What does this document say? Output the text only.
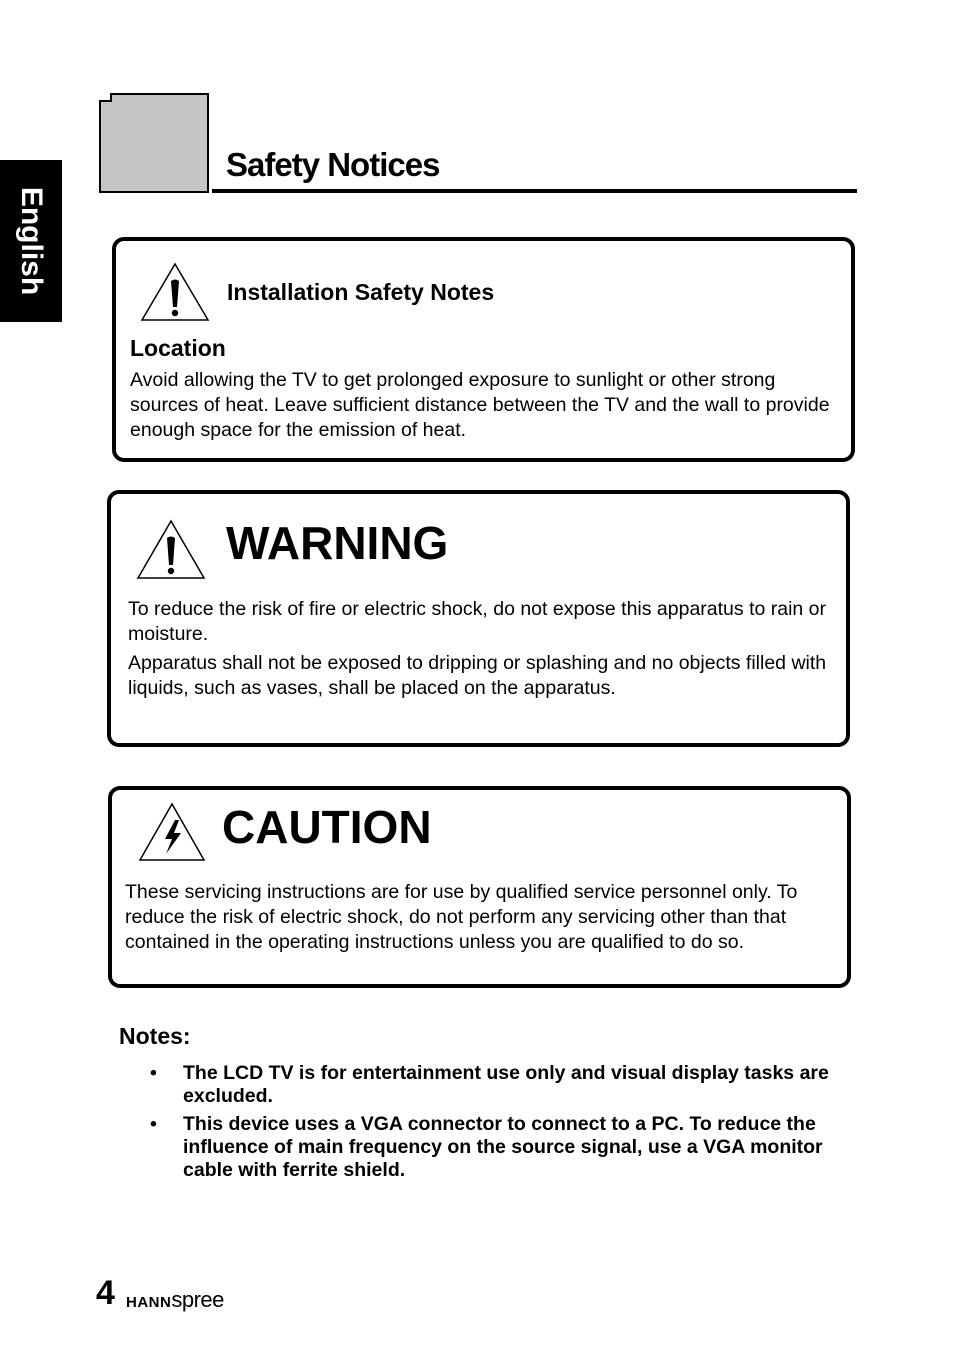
English
Safety Notices
Installation Safety Notes
Location
Avoid allowing the TV to get prolonged exposure to sunlight or other strong sources of heat. Leave sufficient distance between the TV and the wall to provide enough space for the emission of heat.
WARNING
To reduce the risk of fire or electric shock, do not expose this apparatus to rain or moisture.
Apparatus shall not be exposed to dripping or splashing and no objects filled with liquids, such as vases, shall be placed on the apparatus.
CAUTION
These servicing instructions are for use by qualified service personnel only. To reduce the risk of electric shock, do not perform any servicing other than that contained in the operating instructions unless you are qualified to do so.
Notes:
• The LCD TV is for entertainment use only and visual display tasks are excluded.
• This device uses a VGA connector to connect to a PC. To reduce the influence of main frequency on the source signal, use a VGA monitor cable with ferrite shield.
4 HANNspree
